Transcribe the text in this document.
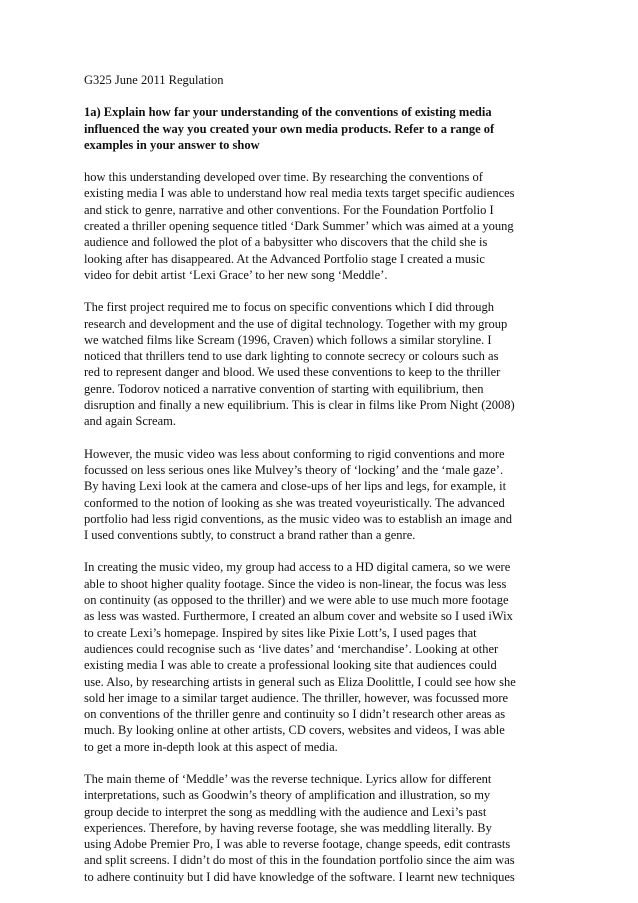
G325 June 2011 Regulation
1a) Explain how far your understanding of the conventions of existing media
influenced the way you created your own media products. Refer to a range of
examples in your answer to show
how this understanding developed over time. By researching the conventions of
existing media I was able to understand how real media texts target specific audiences
and stick to genre, narrative and other conventions. For the Foundation Portfolio I
created a thriller opening sequence titled ‘Dark Summer’ which was aimed at a young
audience and followed the plot of a babysitter who discovers that the child she is
looking after has disappeared. At the Advanced Portfolio stage I created a music
video for debit artist ‘Lexi Grace’ to her new song ‘Meddle’.
The first project required me to focus on specific conventions which I did through
research and development and the use of digital technology. Together with my group
we watched films like Scream (1996, Craven) which follows a similar storyline. I
noticed that thrillers tend to use dark lighting to connote secrecy or colours such as
red to represent danger and blood. We used these conventions to keep to the thriller
genre. Todorov noticed a narrative convention of starting with equilibrium, then
disruption and finally a new equilibrium. This is clear in films like Prom Night (2008)
and again Scream.
However, the music video was less about conforming to rigid conventions and more
focussed on less serious ones like Mulvey’s theory of ‘locking’ and the ‘male gaze’.
By having Lexi look at the camera and close-ups of her lips and legs, for example, it
conformed to the notion of looking as she was treated voyeuristically. The advanced
portfolio had less rigid conventions, as the music video was to establish an image and
I used conventions subtly, to construct a brand rather than a genre.
In creating the music video, my group had access to a HD digital camera, so we were
able to shoot higher quality footage. Since the video is non-linear, the focus was less
on continuity (as opposed to the thriller) and we were able to use much more footage
as less was wasted. Furthermore, I created an album cover and website so I used iWix
to create Lexi’s homepage. Inspired by sites like Pixie Lott’s, I used pages that
audiences could recognise such as ‘live dates’ and ‘merchandise’. Looking at other
existing media I was able to create a professional looking site that audiences could
use. Also, by researching artists in general such as Eliza Doolittle, I could see how she
sold her image to a similar target audience. The thriller, however, was focussed more
on conventions of the thriller genre and continuity so I didn’t research other areas as
much. By looking online at other artists, CD covers, websites and videos, I was able
to get a more in-depth look at this aspect of media.
The main theme of ‘Meddle’ was the reverse technique. Lyrics allow for different
interpretations, such as Goodwin’s theory of amplification and illustration, so my
group decide to interpret the song as meddling with the audience and Lexi’s past
experiences. Therefore, by having reverse footage, she was meddling literally. By
using Adobe Premier Pro, I was able to reverse footage, change speeds, edit contrasts
and split screens. I didn’t do most of this in the foundation portfolio since the aim was
to adhere continuity but I did have knowledge of the software. I learnt new techniques
